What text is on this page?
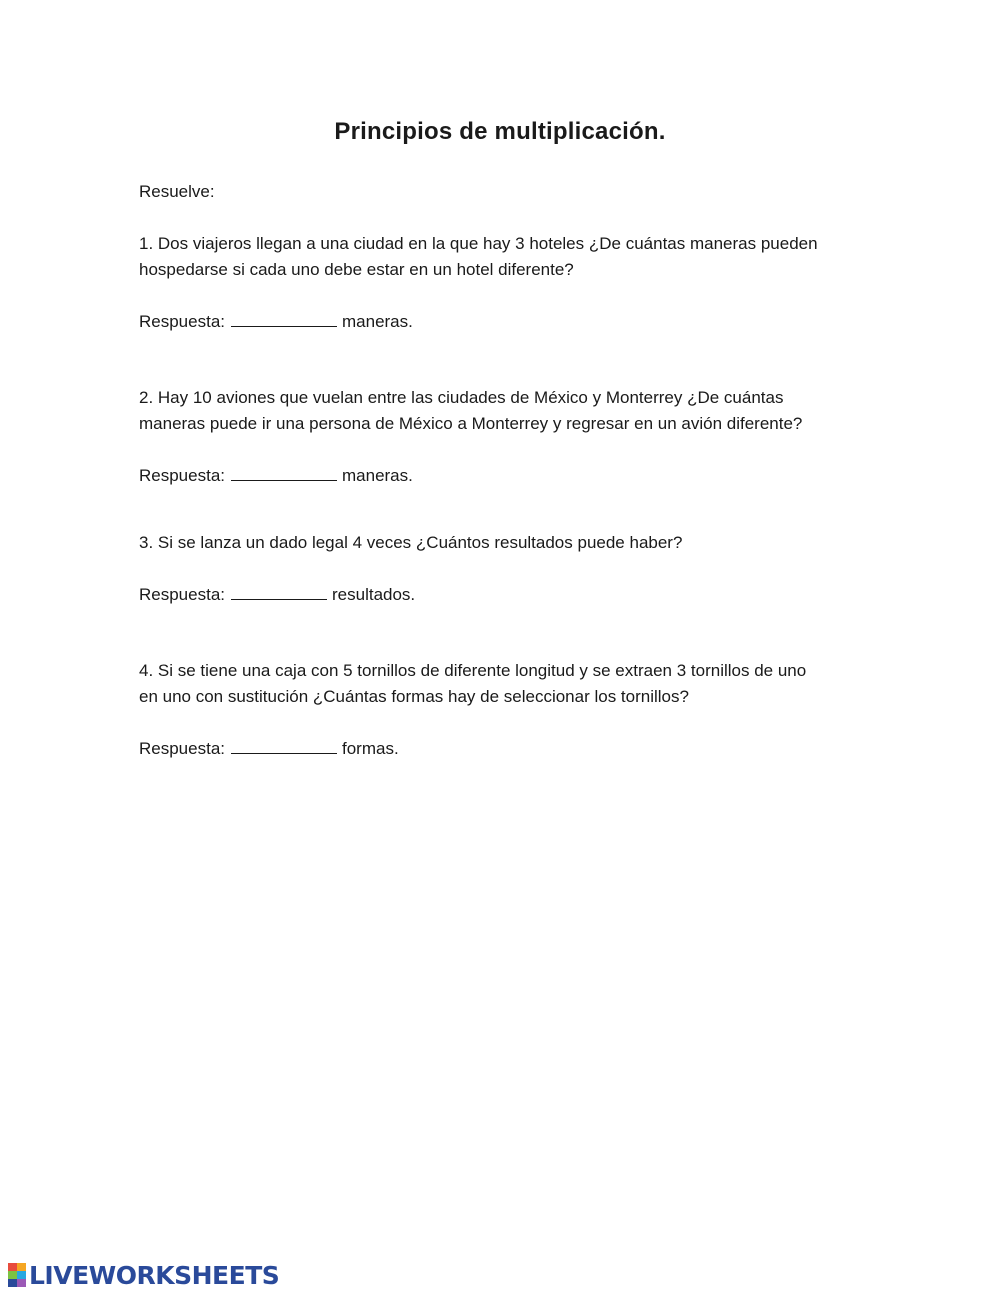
Principios de multiplicación.

Resuelve:

1. Dos viajeros llegan a una ciudad en la que hay 3 hoteles ¿De cuántas maneras pueden

hospedarse si cada uno debe estar en un hotel diferente?

Respuesta:	maneras.

2. Hay 10 aviones que vuelan entre las ciudades de México y Monterrey ¿De cuántas

maneras puede ir una persona de México a Monterrey y regresar en un avión diferente?

Respuesta:	maneras.

3. Si se lanza un dado legal 4 veces ¿Cuántos resultados puede haber?

Respuesta:	resultados.

4. Si se tiene una caja con 5 tornillos de diferente longitud y se extraen 3 tornillos de uno

en uno con sustitución ¿Cuántas formas hay de seleccionar los tornillos?

Respuesta:	formas.

LIVEWORKSHEETS
